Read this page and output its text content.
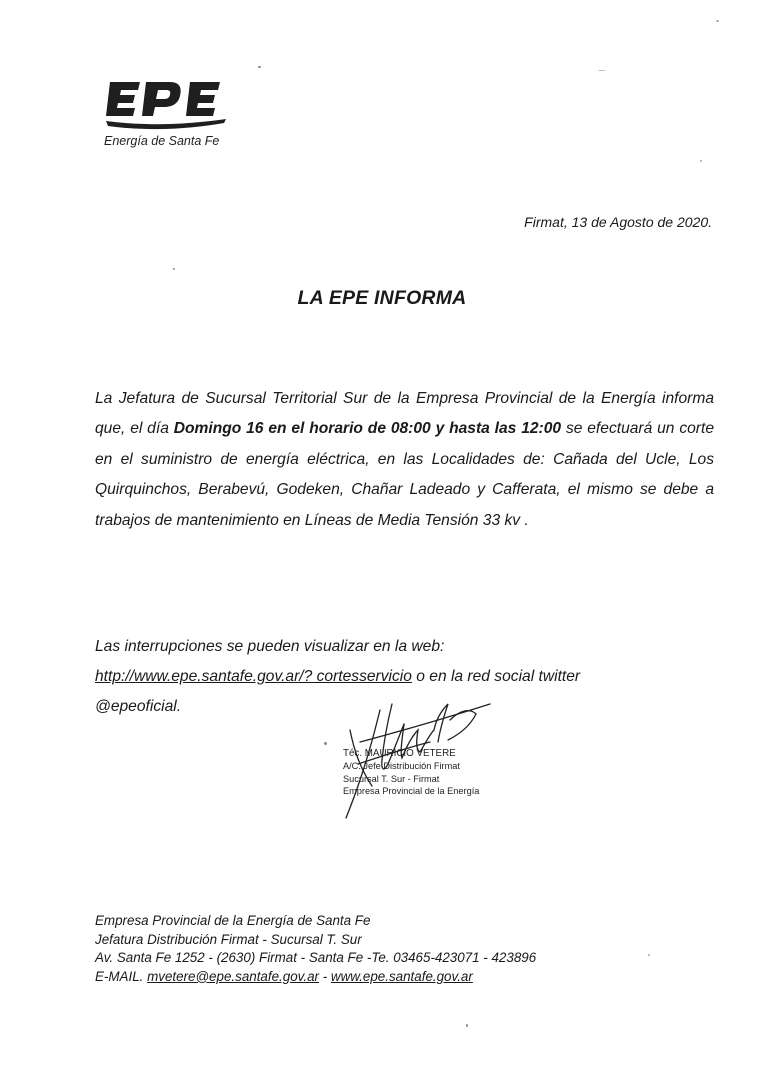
Energía de Santa Fe
Firmat, 13 de Agosto de 2020.
LA EPE INFORMA
La Jefatura de Sucursal Territorial Sur de la Empresa Provincial de la Energía informa que, el día Domingo 16 en el horario de 08:00 y hasta las 12:00 se efectuará un corte en el suministro de energía eléctrica, en las Localidades de: Cañada del Ucle, Los Quirquinchos, Berabevú, Godeken, Chañar Ladeado y Cafferata, el mismo se debe a trabajos de mantenimiento en Líneas de Media Tensión 33 kv .
Las interrupciones se pueden visualizar en la web:
http://www.epe.santafe.gov.ar/? cortesservicio o en la red social twitter
@epeoficial.
Téc. MAURICIO VETERE
A/C. Jefe Distribución Firmat
Sucursal T. Sur - Firmat
Empresa Provincial de la Energía
Empresa Provincial de la Energía de Santa Fe
Jefatura Distribución Firmat - Sucursal T. Sur
Av. Santa Fe 1252 - (2630) Firmat - Santa Fe -Te. 03465-423071 - 423896
E-MAIL. mvetere@epe.santafe.gov.ar - www.epe.santafe.gov.ar
